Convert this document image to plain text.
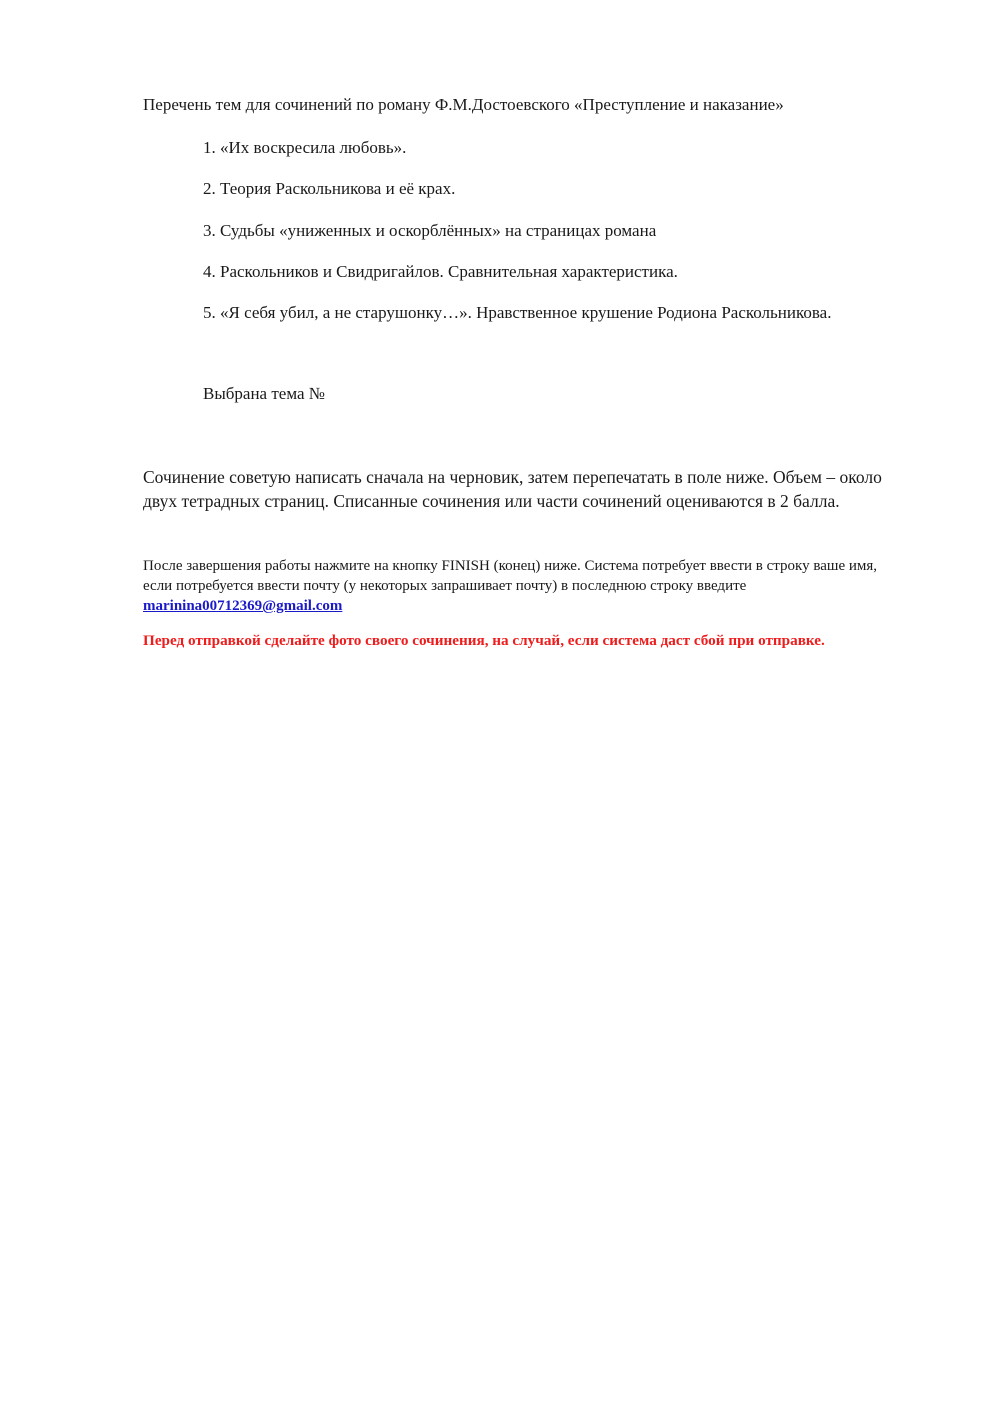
Перечень тем для сочинений по роману Ф.М.Достоевского «Преступление и наказание»
1. «Их воскресила любовь».
2. Теория Раскольникова и её крах.
3. Судьбы «униженных и оскорблённых» на страницах романа
4. Раскольников и Свидригайлов. Сравнительная характеристика.
5. «Я себя убил, а не старушонку…». Нравственное крушение Родиона Раскольникова.
Выбрана тема №

Сочинение советую написать сначала на черновик, затем перепечатать в поле ниже. Объем – около двух тетрадных страниц. Списанные сочинения или части сочинений оцениваются в 2 балла.

После завершения работы нажмите на кнопку FINISH (конец) ниже. Система потребует ввести в строку ваше имя, если потребуется ввести почту (у некоторых запрашивает почту) в последнюю строку введите
marinina00712369@gmail.com

Перед отправкой сделайте фото своего сочинения, на случай, если система даст сбой при отправке.
